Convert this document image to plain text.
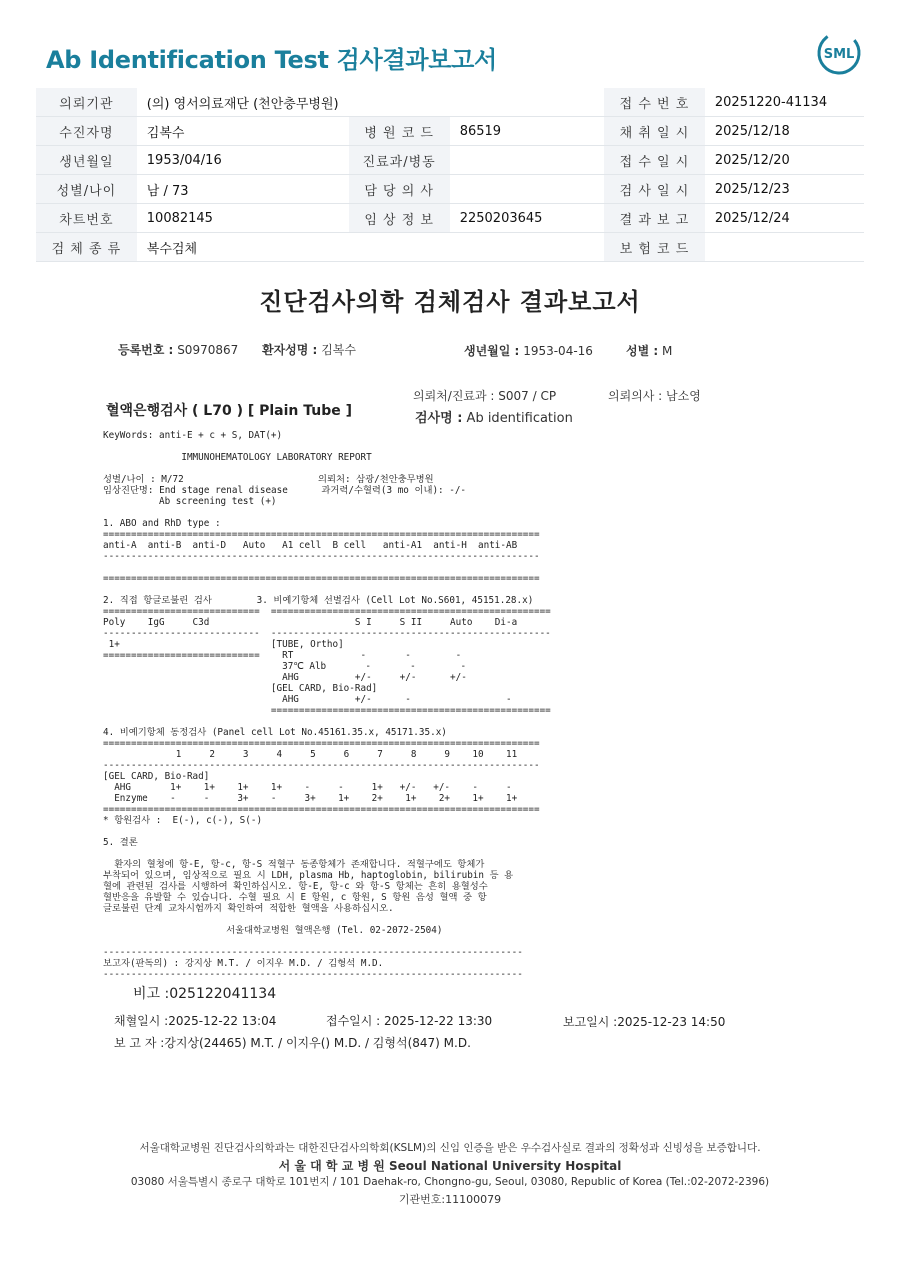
Ab Identification Test 검사결과보고서	SML
의뢰기관	(의) 영서의료재단 (천안충무병원)			접 수 번 호	20251220-41134
수진자명	김복수	병 원 코 드	86519	채 취 일 시	2025/12/18
생년월일	1953/04/16	진료과/병동		접 수 일 시	2025/12/20
성별/나이	남 / 73	담 당 의 사		검 사 일 시	2025/12/23
차트번호	10082145	임 상 정 보	2250203645	결 과 보 고	2025/12/24
검 체 종 류	복수검체			보 험 코 드	
진단검사의학 검체검사 결과보고서
등록번호 : S0970867 환자성명 : 김복수	생년월일 : 1953-04-16	성별 : M
의뢰처/진료과 : S007 / CP	의뢰의사 : 남소영
검사명 : Ab identification
혈액은행검사 ( L70 ) [ Plain Tube ]
KeyWords: anti-E + c + S, DAT(+)

IMMUNOHEMATOLOGY LABORATORY REPORT

성별/나이 : M/72                        의뢰처: 삼광/천안충무병원
임상진단명: End stage renal disease      과거력/수혈력(3 mo 이내): -/-
Ab screening test (+)

1. ABO and RhD type :
==============================================================================
anti-A  anti-B  anti-D   Auto   A1 cell  B cell   anti-A1  anti-H  anti-AB
------------------------------------------------------------------------------

==============================================================================

2. 직접 항글로불린 검사        3. 비예기항체 선별검사 (Cell Lot No.S601, 45151.28.x)
============================  ==================================================
Poly    IgG     C3d                          S I     S II     Auto    Di-a
----------------------------  --------------------------------------------------
1+                           [TUBE, Ortho]
============================    RT            -       -        -
37℃ Alb       -       -        -
AHG          +/-     +/-      +/-
[GEL CARD, Bio-Rad]
AHG          +/-      -                 -
==================================================

4. 비예기항체 동정검사 (Panel cell Lot No.45161.35.x, 45171.35.x)
==============================================================================
1     2     3     4     5     6     7     8     9    10    11
------------------------------------------------------------------------------
[GEL CARD, Bio-Rad]
AHG       1+    1+    1+    1+    -     -     1+   +/-   +/-    -     -
Enzyme    -     -     3+    -     3+    1+    2+    1+    2+    1+    1+
==============================================================================
* 항원검사 :  E(-), c(-), S(-)

5. 결론

환자의 혈청에 항-E, 항-c, 항-S 적혈구 동종항체가 존재합니다. 적혈구에도 항체가
부착되어 있으며, 임상적으로 필요 시 LDH, plasma Hb, haptoglobin, bilirubin 등 용
혈에 관련된 검사를 시행하여 확인하십시오. 항-E, 항-c 와 항-S 항체는 흔히 용혈성수
혈반응을 유발할 수 있습니다. 수혈 필요 시 E 항원, c 항원, S 항원 음성 혈액 중 항
글로불린 단계 교차시험까지 확인하여 적합한 혈액을 사용하십시오.

서울대학교병원 혈액은행 (Tel. 02-2072-2504)

---------------------------------------------------------------------------
보고자(판독의) : 강지상 M.T. / 이지우 M.D. / 김형석 M.D.
---------------------------------------------------------------------------
비고 :025122041134
채혈일시 :2025-12-22 13:04	접수일시 : 2025-12-22 13:30	보고일시 :2025-12-23 14:50
보 고 자 :강지상(24465) M.T. / 이지우() M.D. / 김형석(847) M.D.
서울대학교병원 진단검사의학과는 대한진단검사의학회(KSLM)의 신임 인증을 받은 우수검사실로 결과의 정확성과 신빙성을 보증합니다.
서 울 대 학 교 병 원 Seoul National University Hospital
03080 서울특별시 종로구 대학로 101번지 / 101 Daehak-ro, Chongno-gu, Seoul, 03080, Republic of Korea (Tel.:02-2072-2396)
기관번호:11100079
